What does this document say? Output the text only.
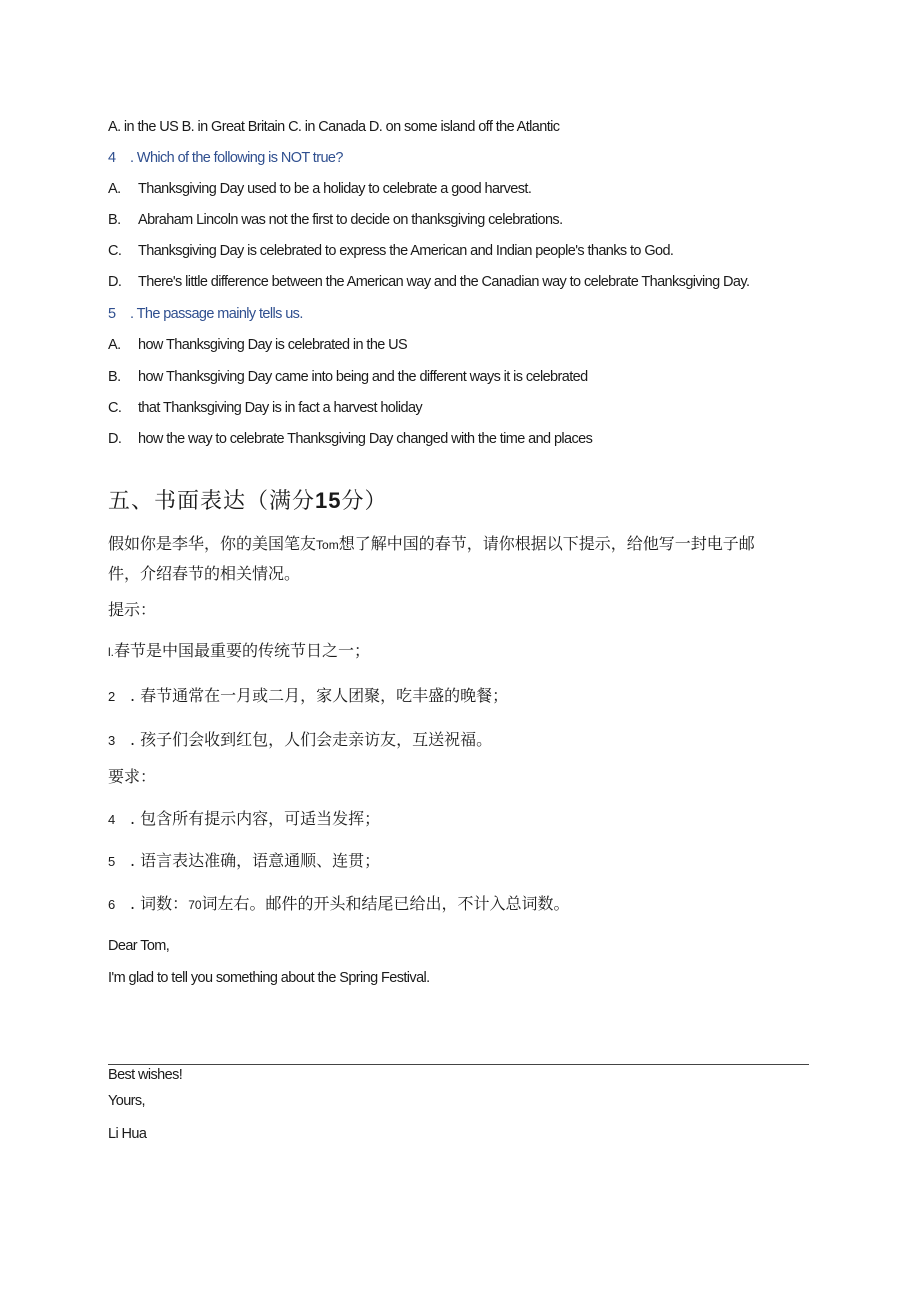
A. in the US B. in Great Britain C. in Canada D. on some island off the Atlantic
4 . Which of the following is NOT true?
A. Thanksgiving Day used to be a holiday to celebrate a good harvest.
B. Abraham Lincoln was not the first to decide on thanksgiving celebrations.
C. Thanksgiving Day is celebrated to express the American and Indian people's thanks to God.
D. There's little difference between the American way and the Canadian way to celebrate Thanksgiving Day.
5 . The passage mainly tells us.
A. how Thanksgiving Day is celebrated in the US
B. how Thanksgiving Day came into being and the different ways it is celebrated
C. that Thanksgiving Day is in fact a harvest holiday
D. how the way to celebrate Thanksgiving Day changed with the time and places
五、书面表达（满分15分）
假如你是李华，你的美国笔友Tom想了解中国的春节，请你根据以下提示，给他写一封电子邮
件，介绍春节的相关情况。
提示：
l.春节是中国最重要的传统节日之一；
2 . 春节通常在一月或二月，家人团聚，吃丰盛的晚餐；
3 . 孩子们会收到红包，人们会走亲访友，互送祝福。
要求：
4 . 包含所有提示内容，可适当发挥；
5 . 语言表达准确，语意通顺、连贯；
6 . 词数：70词左右。邮件的开头和结尾已给出，不计入总词数。
Dear Tom,
I'm glad to tell you something about the Spring Festival.
Best wishes!
Yours,
Li Hua
